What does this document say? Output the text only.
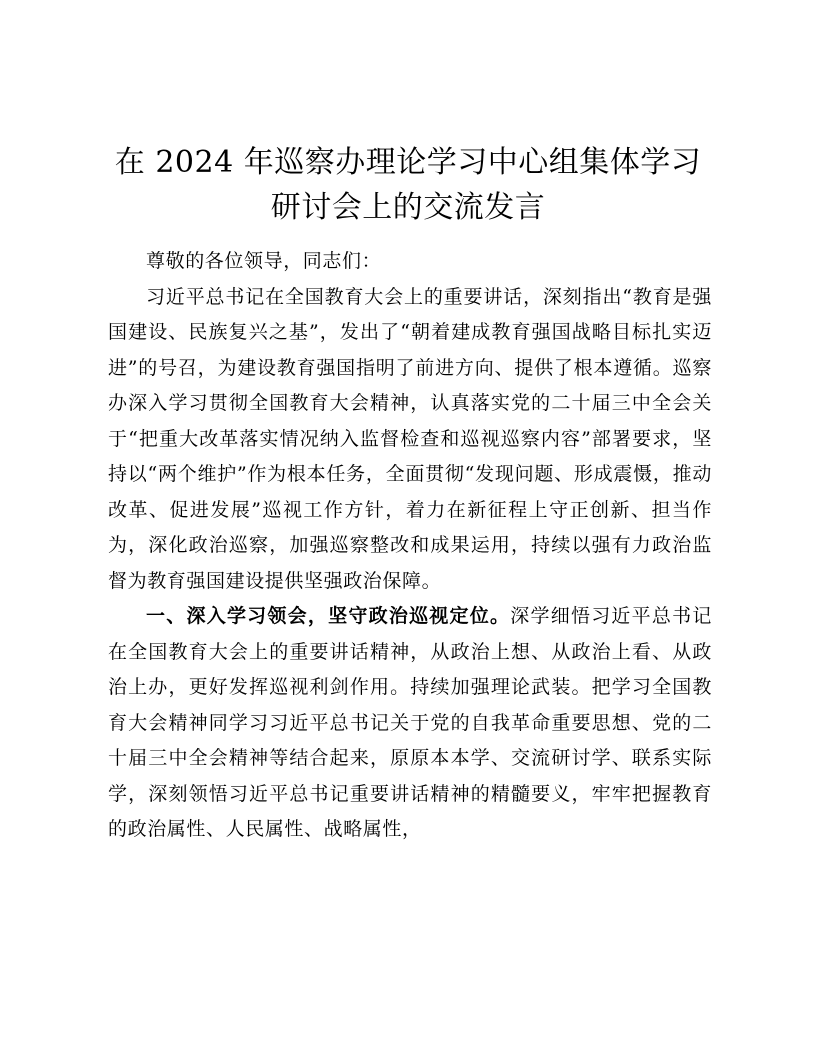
在 2024 年巡察办理论学习中心组集体学习研讨会上的交流发言

尊敬的各位领导，同志们：

习近平总书记在全国教育大会上的重要讲话，深刻指出“教育是强国建设、民族复兴之基”，发出了“朝着建成教育强国战略目标扎实迈进”的号召，为建设教育强国指明了前进方向、提供了根本遵循。巡察办深入学习贯彻全国教育大会精神，认真落实党的二十届三中全会关于“把重大改革落实情况纳入监督检查和巡视巡察内容”部署要求，坚持以“两个维护”作为根本任务，全面贯彻“发现问题、形成震慑，推动改革、促进发展”巡视工作方针，着力在新征程上守正创新、担当作为，深化政治巡察，加强巡察整改和成果运用，持续以强有力政治监督为教育强国建设提供坚强政治保障。

一、深入学习领会，坚守政治巡视定位。深学细悟习近平总书记在全国教育大会上的重要讲话精神，从政治上想、从政治上看、从政治上办，更好发挥巡视利剑作用。持续加强理论武装。把学习全国教育大会精神同学习习近平总书记关于党的自我革命重要思想、党的二十届三中全会精神等结合起来，原原本本学、交流研讨学、联系实际学，深刻领悟习近平总书记重要讲话精神的精髓要义，牢牢把握教育的政治属性、人民属性、战略属性，
